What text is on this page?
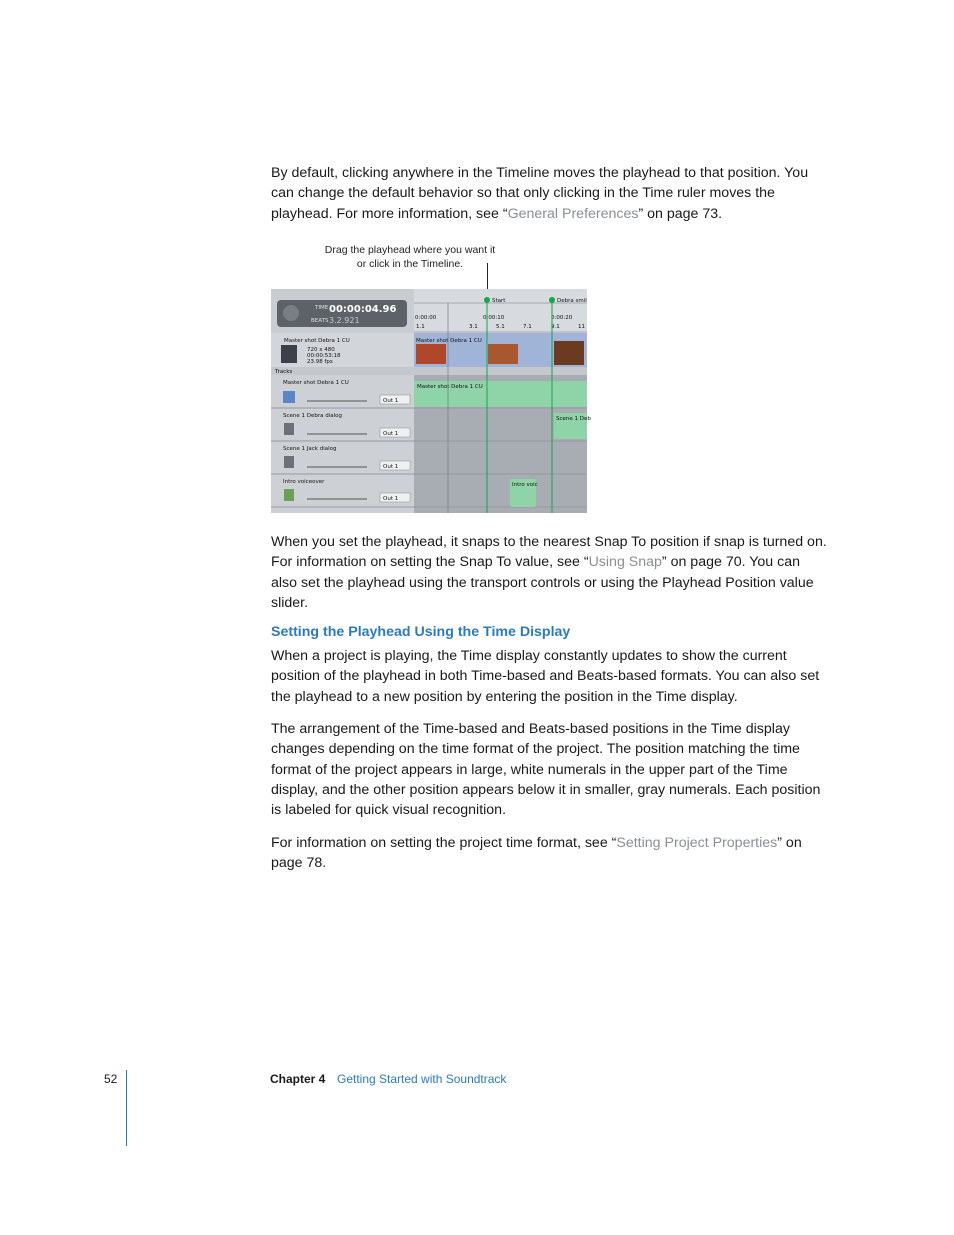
By default, clicking anywhere in the Timeline moves the playhead to that position. You can change the default behavior so that only clicking in the Time ruler moves the playhead. For more information, see “General Preferences” on page 73.

Drag the playhead where you want it or click in the Timeline.
TIME
BEATS
00:00:04.96
3.2.921	0:00:00	0:00:10	0:00:20
1.1	3.1	5.1	7.1	9.1	11
Start	Debra smil
Master shot Debra 1 CU
720 x 480
00:00:53:18
23.98 fps
Master shot Debra 1 CU
Tracks
Master shot Debra 1 CU
Out 1
Master shot Debra 1 CU
Scene 1 Debra dialog
Out 1
Scene 1 Deb
Scene 1 Jack dialog
Out 1
Intro voiceover
Out 1
Intro voic

When you set the playhead, it snaps to the nearest Snap To position if snap is turned on. For information on setting the Snap To value, see “Using Snap” on page 70. You can also set the playhead using the transport controls or using the Playhead Position value slider.

Setting the Playhead Using the Time Display

When a project is playing, the Time display constantly updates to show the current position of the playhead in both Time-based and Beats-based formats. You can also set the playhead to a new position by entering the position in the Time display.

The arrangement of the Time-based and Beats-based positions in the Time display changes depending on the time format of the project. The position matching the time format of the project appears in large, white numerals in the upper part of the Time display, and the other position appears below it in smaller, gray numerals. Each position is labeled for quick visual recognition.

For information on setting the project time format, see “Setting Project Properties” on page 78.

52	Chapter 4 Getting Started with Soundtrack
